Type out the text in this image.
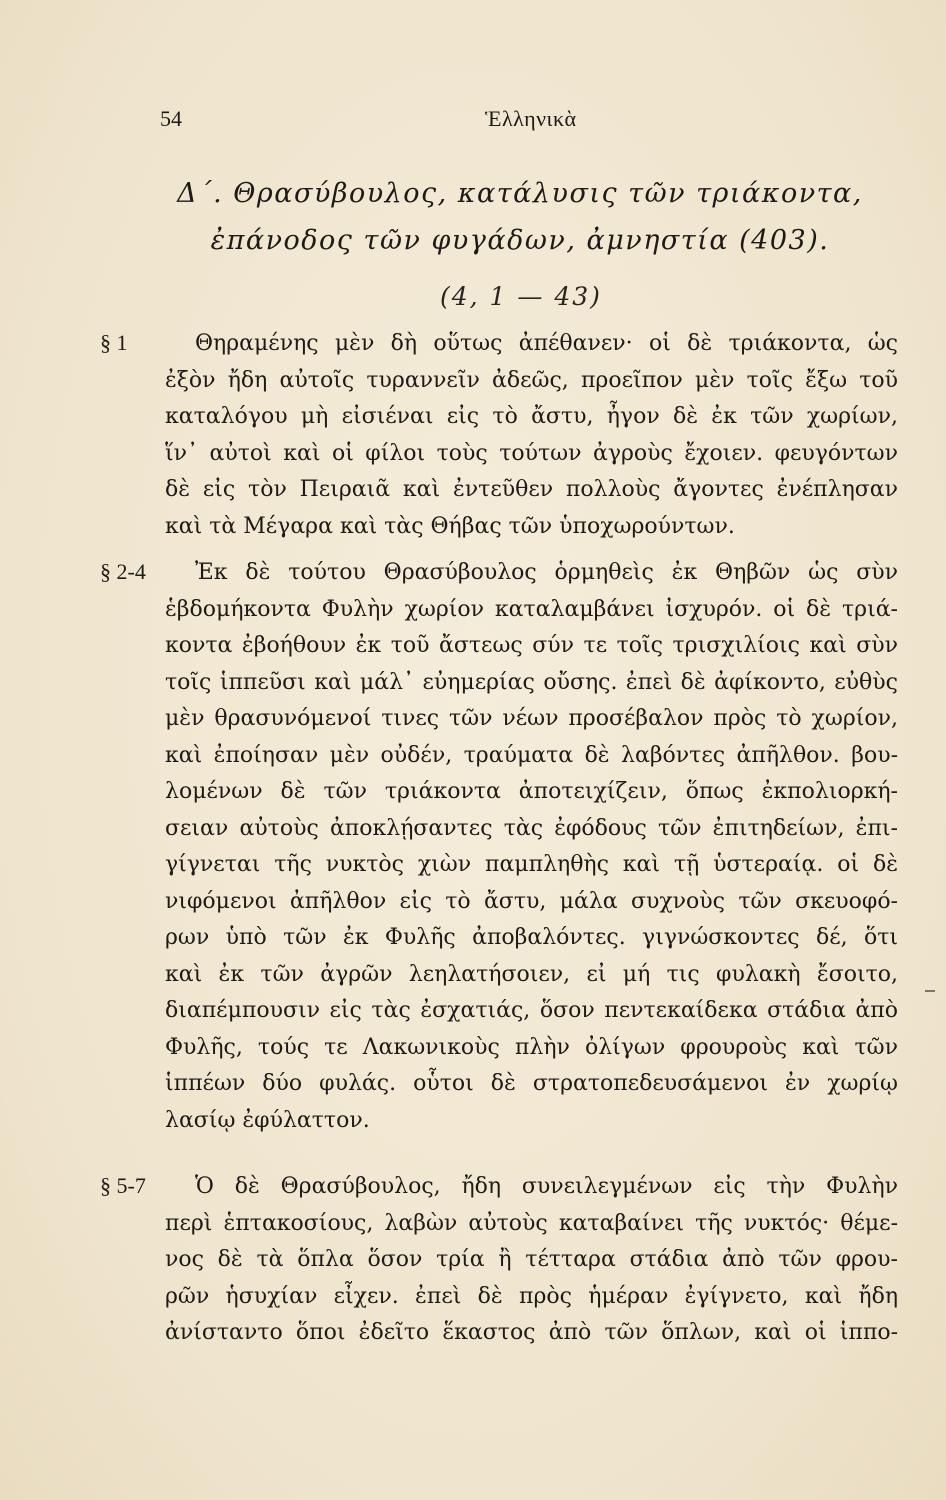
54	Ἑλληνικὰ
Δ΄. Θρασύβουλος, κατάλυσις τῶν τριάκοντα,
ἐπάνοδος τῶν φυγάδων, ἀμνηστία (403).
(4, 1 — 43)
§ 1	Θηραμένης μὲν δὴ οὕτως ἀπέθανεν· οἱ δὲ τριάκοντα, ὡς
ἐξὸν ἤδη αὐτοῖς τυραννεῖν ἀδεῶς, προεῖπον μὲν τοῖς ἔξω τοῦ
καταλόγου μὴ εἰσιέναι εἰς τὸ ἄστυ, ἦγον δὲ ἐκ τῶν χωρίων,
ἵν᾽ αὐτοὶ καὶ οἱ φίλοι τοὺς τούτων ἀγροὺς ἔχοιεν. φευγόντων
δὲ εἰς τὸν Πειραιᾶ καὶ ἐντεῦθεν πολλοὺς ἄγοντες ἐνέπλησαν
καὶ τὰ Μέγαρα καὶ τὰς Θήβας τῶν ὑποχωρούντων.
§ 2-4 Ἐκ δὲ τούτου Θρασύβουλος ὁρμηθεὶς ἐκ Θηβῶν ὡς σὺν
ἑβδομήκοντα Φυλὴν χωρίον καταλαμβάνει ἰσχυρόν. οἱ δὲ τριά-
κοντα ἐβοήθουν ἐκ τοῦ ἄστεως σύν τε τοῖς τρισχιλίοις καὶ σὺν
τοῖς ἱππεῦσι καὶ μάλ᾽ εὐημερίας οὔσης. ἐπεὶ δὲ ἀφίκοντο, εὐθὺς
μὲν θρασυνόμενοί τινες τῶν νέων προσέβαλον πρὸς τὸ χωρίον,
καὶ ἐποίησαν μὲν οὐδέν, τραύματα δὲ λαβόντες ἀπῆλθον. βου-
λομένων δὲ τῶν τριάκοντα ἀποτειχίζειν, ὅπως ἐκπολιορκή-
σειαν αὐτοὺς ἀποκλῄσαντες τὰς ἐφόδους τῶν ἐπιτηδείων, ἐπι-
γίγνεται τῆς νυκτὸς χιὼν παμπληθὴς καὶ τῇ ὑστεραίᾳ. οἱ δὲ
νιφόμενοι ἀπῆλθον εἰς τὸ ἄστυ, μάλα συχνοὺς τῶν σκευοφό-
ρων ὑπὸ τῶν ἐκ Φυλῆς ἀποβαλόντες. γιγνώσκοντες δέ, ὅτι
καὶ ἐκ τῶν ἀγρῶν λεηλατήσοιεν, εἰ μή τις φυλακὴ ἔσοιτο,
διαπέμπουσιν εἰς τὰς ἐσχατιάς, ὅσον πεντεκαίδεκα στάδια ἀπὸ
Φυλῆς, τούς τε Λακωνικοὺς πλὴν ὀλίγων φρουροὺς καὶ τῶν
ἱππέων δύο φυλάς. οὗτοι δὲ στρατοπεδευσάμενοι ἐν χωρίῳ
λασίῳ ἐφύλαττον.
§ 5-7 Ὁ δὲ Θρασύβουλος, ἤδη συνειλεγμένων εἰς τὴν Φυλὴν
περὶ ἑπτακοσίους, λαβὼν αὐτοὺς καταβαίνει τῆς νυκτός· θέμε-
νος δὲ τὰ ὅπλα ὅσον τρία ἢ τέτταρα στάδια ἀπὸ τῶν φρου-
ρῶν ἡσυχίαν εἶχεν. ἐπεὶ δὲ πρὸς ἡμέραν ἐγίγνετο, καὶ ἤδη
ἀνίσταντο ὅποι ἐδεῖτο ἕκαστος ἀπὸ τῶν ὅπλων, καὶ οἱ ἱππο-
